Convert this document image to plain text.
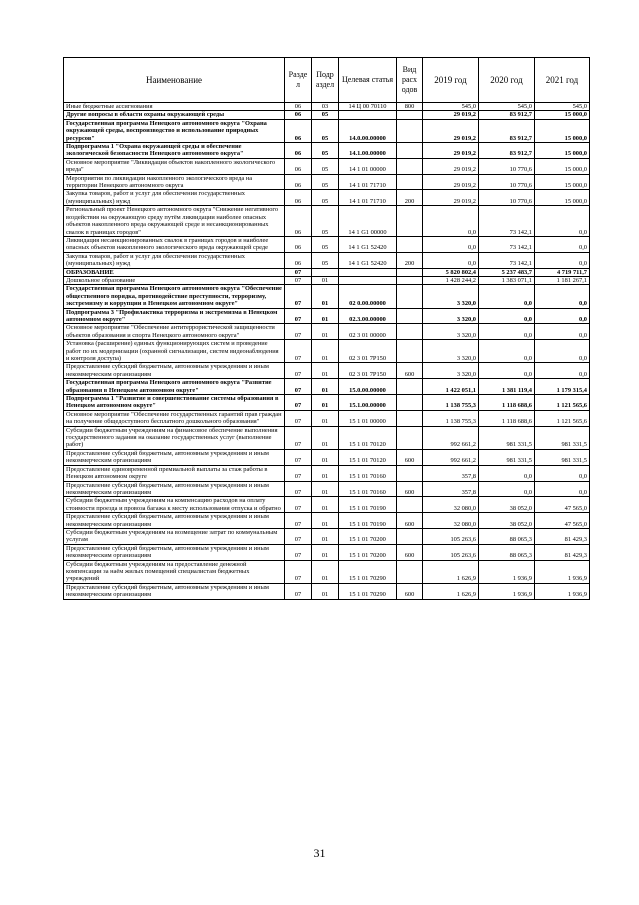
Наименование	Разде л	Подр аздел	Целевая статья	Вид расх одов	2019 год	2020 год	2021 год
Иные бюджетные ассигнования	06	03	14 Ц 00 70110	800	545,0	545,0	545,0
Другие вопросы в области охраны окружающей среды	06	05			29 019,2	83 912,7	15 000,0
Государственная программа Ненецкого автономного округа "Охрана окружающей среды, воспроизводство и использование природных ресурсов"	06	05	14.0.00.00000		29 019,2	83 912,7	15 000,0
Подпрограмма 1 "Охрана окружающей среды и обеспечение экологической безопасности Ненецкого автономного округа"	06	05	14.1.00.00000		29 019,2	83 912,7	15 000,0
Основное мероприятие "Ликвидация объектов накопленного экологического вреда"	06	05	14 1 01 00000		29 019,2	10 770,6	15 000,0
Мероприятия по ликвидации накопленного экологического вреда на территории Ненецкого автономного округа	06	05	14 1 01 71710		29 019,2	10 770,6	15 000,0
Закупка товаров, работ и услуг для обеспечения государственных (муниципальных) нужд	06	05	14 1 01 71710	200	29 019,2	10 770,6	15 000,0
Региональный проект Ненецкого автономного округа "Снижение негативного воздействия на окружающую среду путём ликвидации наиболее опасных объектов накопленного вреда окружающей среде и несанкционированных свалок в границах городов"	06	05	14 1 G1 00000		0,0	73 142,1	0,0
Ликвидация несанкционированных свалок в границах городов и наиболее опасных объектов накопленного экологического вреда окружающей среде	06	05	14 1 G1 52420		0,0	73 142,1	0,0
Закупка товаров, работ и услуг для обеспечения государственных (муниципальных) нужд	06	05	14 1 G1 52420	200	0,0	73 142,1	0,0
ОБРАЗОВАНИЕ	07				5 820 802,4	5 237 483,7	4 719 711,7
Дошкольное образование	07	01			1 428 244,2	1 383 071,1	1 181 267,1
Государственная программа Ненецкого автономного округа "Обеспечение общественного порядка, противодействие преступности, терроризму, экстремизму и коррупции в Ненецком автономном округе"	07	01	02 0.00.00000		3 320,0	0,0	0,0
Подпрограмма 3 "Профилактика терроризма и экстремизма в Ненецком автономном округе"	07	01	02.3.00.00000		3 320,0	0,0	0,0
Основное мероприятие "Обеспечение антитеррористической защищенности объектов образования и спорта Ненецкого автономного округа"	07	01	02 3 01 00000		3 320,0	0,0	0,0
Установка (расширение) единых функционирующих систем и проведение работ по их модернизации (охранной сигнализации, систем видеонаблюдения и контроля доступа)	07	01	02 3 01 7Р150		3 320,0	0,0	0,0
Предоставление субсидий бюджетным, автономным учреждениям и иным некоммерческим организациям	07	01	02 3 01 7Р150	600	3 320,0	0,0	0,0
Государственная программа Ненецкого автономного округа "Развитие образования в Ненецком автономном округе"	07	01	15.0.00.00000		1 422 051,1	1 381 119,4	1 179 315,4
Подпрограмма 1 "Развитие и совершенствование системы образования в Ненецком автономном округе"	07	01	15.1.00.00000		1 138 755,3	1 118 688,6	1 121 565,6
Основное мероприятие "Обеспечение государственных гарантий прав граждан на получение общедоступного бесплатного дошкольного образования"	07	01	15 1 01 00000		1 138 755,3	1 118 688,6	1 121 565,6
Субсидии бюджетным учреждениям на финансовое обеспечение выполнения государственного задания на оказание государственных услуг (выполнение работ)	07	01	15 1 01 70120		992 661,2	981 331,5	981 331,5
Предоставление субсидий бюджетным, автономным учреждениям и иным некоммерческим организациям	07	01	15 1 01 70120	600	992 661,2	981 331,5	981 331,5
Предоставление единовременной премиальной выплаты за стаж работы в Ненецком автономном округе	07	01	15 1 01 70160		357,8	0,0	0,0
Предоставление субсидий бюджетным, автономным учреждениям и иным некоммерческим организациям	07	01	15 1 01 70160	600	357,8	0,0	0,0
Субсидии бюджетным учреждениям на компенсацию расходов на оплату стоимости проезда и провоза багажа к месту использования отпуска и обратно	07	01	15 1 01 70190		32 080,0	38 052,0	47 565,0
Предоставление субсидий бюджетным, автономным учреждениям и иным некоммерческим организациям	07	01	15 1 01 70190	600	32 080,0	38 052,0	47 565,0
Субсидии бюджетным учреждениям на возмещение затрат по коммунальным услугам	07	01	15 1 01 70200		105 263,6	88 065,3	81 429,3
Предоставление субсидий бюджетным, автономным учреждениям и иным некоммерческим организациям	07	01	15 1 01 70200	600	105 263,6	88 065,3	81 429,3
Субсидии бюджетным учреждениям на предоставление денежной компенсации за наём жилых помещений специалистам бюджетных учреждений	07	01	15 1 01 70290		1 626,9	1 936,9	1 936,9
Предоставление субсидий бюджетным, автономным учреждениям и иным некоммерческим организациям	07	01	15 1 01 70290	600	1 626,9	1 936,9	1 936,9
31
